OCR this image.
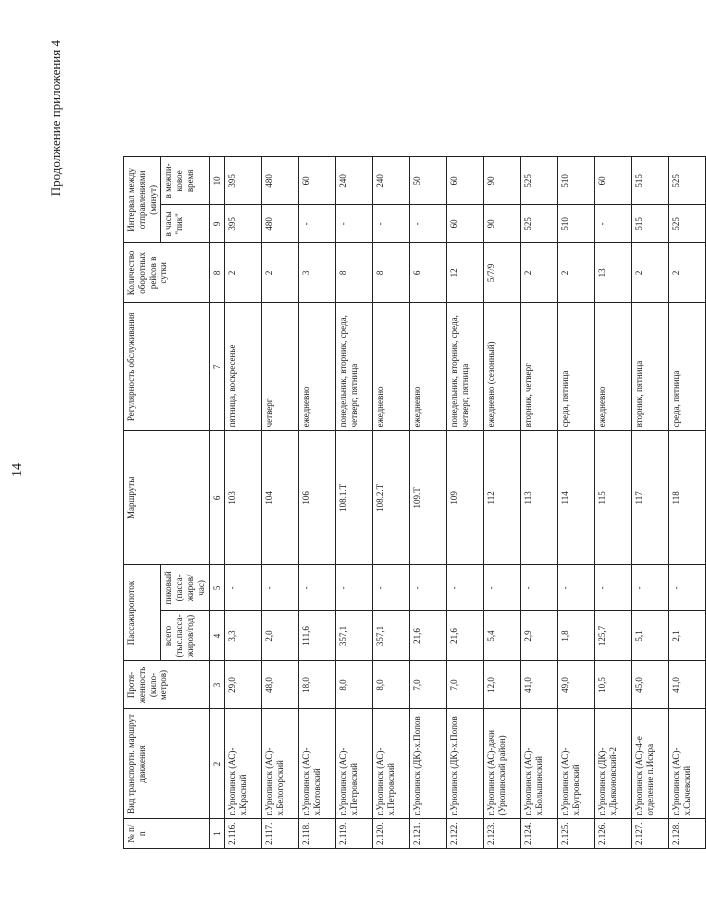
14
Продолжение приложения 4
№ п/п	Вид транспортн. маршрут движения	Протя-женность (кило-метров)	Пассажиропоток		Маршруты	Регулярность обслуживания	Количество оборотных рейсов в сутки	Интервал между отправлениями (минут)	
			всего (тыс.пасса-жиров/год)	пиковый (пасса-жиров/час)				в часы "пик"	в межпи-ковое время
1	2	3	4	5	6	7	8	9	10
2.116.	г.Урюпинск (АС)-х.Красный	29,0	3,3	-	103	пятница, воскресенье	2	395	395
2.117.	г.Урюпинск (АС)-х.Белогорский	48,0	2,0	-	104	четверг	2	480	480
2.118.	г.Урюпинск (АС)-х.Котовский	18,0	111,6	-	106	ежедневно	3	-	60
2.119.	г.Урюпинск (АС)-х.Петровский	8,0	357,1	-	108.1.Т	понедельник, вторник, среда, четверг, пятница	8	-	240
2.120.	г.Урюпинск (АС)-х.Петровский	8,0	357,1	-	108.2.Т	ежедневно	8	-	240
2.121.	г.Урюпинск (ДК)-х.Попов	7,0	21,6	-	109.Т	ежедневно	6	-	50
2.122.	г.Урюпинск (ДК)-х.Попов	7,0	21,6	-	109	понедельник, вторник, среда, четверг, пятница	12	60	60
2.123.	г.Урюпинск (АС)-дачи (Урюпинский район)	12,0	5,4	-	112	ежедневно (сезонный)	5/7/9	90	90
2.124.	г.Урюпинск (АС)-х.Большинский	41,0	2,9	-	113	вторник, четверг	2	525	525
2.125.	г.Урюпинск (АС)-х.Бугровский	49,0	1,8	-	114	среда, пятница	2	510	510
2.126.	г.Урюпинск (ДК)-х.Дьяконовский-2	10,5	125,7	-	115	ежедневно	13	-	60
2.127.	г.Урюпинск (АС)-4-е отделение п.Искра	45,0	5,1	-	117	вторник, пятница	2	515	515
2.128.	г.Урюпинск (АС)-х.Сычевский	41,0	2,1	-	118	среда, пятница	2	525	525
